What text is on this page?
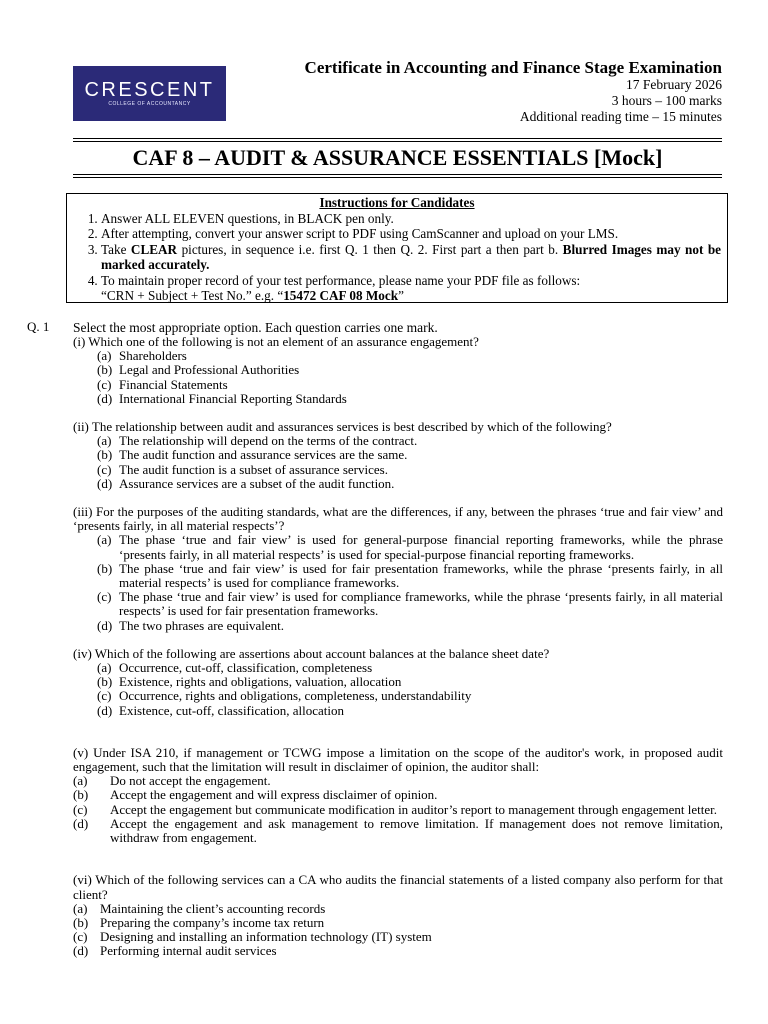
CRESCENT
COLLEGE OF ACCOUNTANCY
Certificate in Accounting and Finance Stage Examination
17 February 2026
3 hours – 100 marks
Additional reading time – 15 minutes
CAF 8 – AUDIT & ASSURANCE ESSENTIALS [Mock]
Instructions for Candidates
1. Answer ALL ELEVEN questions, in BLACK pen only.
2. After attempting, convert your answer script to PDF using CamScanner and upload on your LMS.
3. Take CLEAR pictures, in sequence i.e. first Q. 1 then Q. 2. First part a then part b. Blurred Images may not be marked accurately.
4. To maintain proper record of your test performance, please name your PDF file as follows:
“CRN + Subject + Test No.” e.g. “15472 CAF 08 Mock”
Q. 1 Select the most appropriate option. Each question carries one mark.
(i) Which one of the following is not an element of an assurance engagement?
(a) Shareholders
(b) Legal and Professional Authorities
(c) Financial Statements
(d) International Financial Reporting Standards
(ii) The relationship between audit and assurances services is best described by which of the following?
(a) The relationship will depend on the terms of the contract.
(b) The audit function and assurance services are the same.
(c) The audit function is a subset of assurance services.
(d) Assurance services are a subset of the audit function.
(iii) For the purposes of the auditing standards, what are the differences, if any, between the phrases ‘true and fair view’ and ‘presents fairly, in all material respects’?
(a) The phase ‘true and fair view’ is used for general-purpose financial reporting frameworks, while the phrase ‘presents fairly, in all material respects’ is used for special-purpose financial reporting frameworks.
(b) The phase ‘true and fair view’ is used for fair presentation frameworks, while the phrase ‘presents fairly, in all material respects’ is used for compliance frameworks.
(c) The phase ‘true and fair view’ is used for compliance frameworks, while the phrase ‘presents fairly, in all material respects’ is used for fair presentation frameworks.
(d) The two phrases are equivalent.
(iv) Which of the following are assertions about account balances at the balance sheet date?
(a) Occurrence, cut-off, classification, completeness
(b) Existence, rights and obligations, valuation, allocation
(c) Occurrence, rights and obligations, completeness, understandability
(d) Existence, cut-off, classification, allocation
(v) Under ISA 210, if management or TCWG impose a limitation on the scope of the auditor's work, in proposed audit engagement, such that the limitation will result in disclaimer of opinion, the auditor shall:
(a)	Do not accept the engagement.
(b)	Accept the engagement and will express disclaimer of opinion.
(c)	Accept the engagement but communicate modification in auditor’s report to management through engagement letter.
(d)	Accept the engagement and ask management to remove limitation. If management does not remove limitation, withdraw from engagement.
(vi) Which of the following services can a CA who audits the financial statements of a listed company also perform for that client?
(a) Maintaining the client’s accounting records
(b) Preparing the company’s income tax return
(c) Designing and installing an information technology (IT) system
(d) Performing internal audit services
